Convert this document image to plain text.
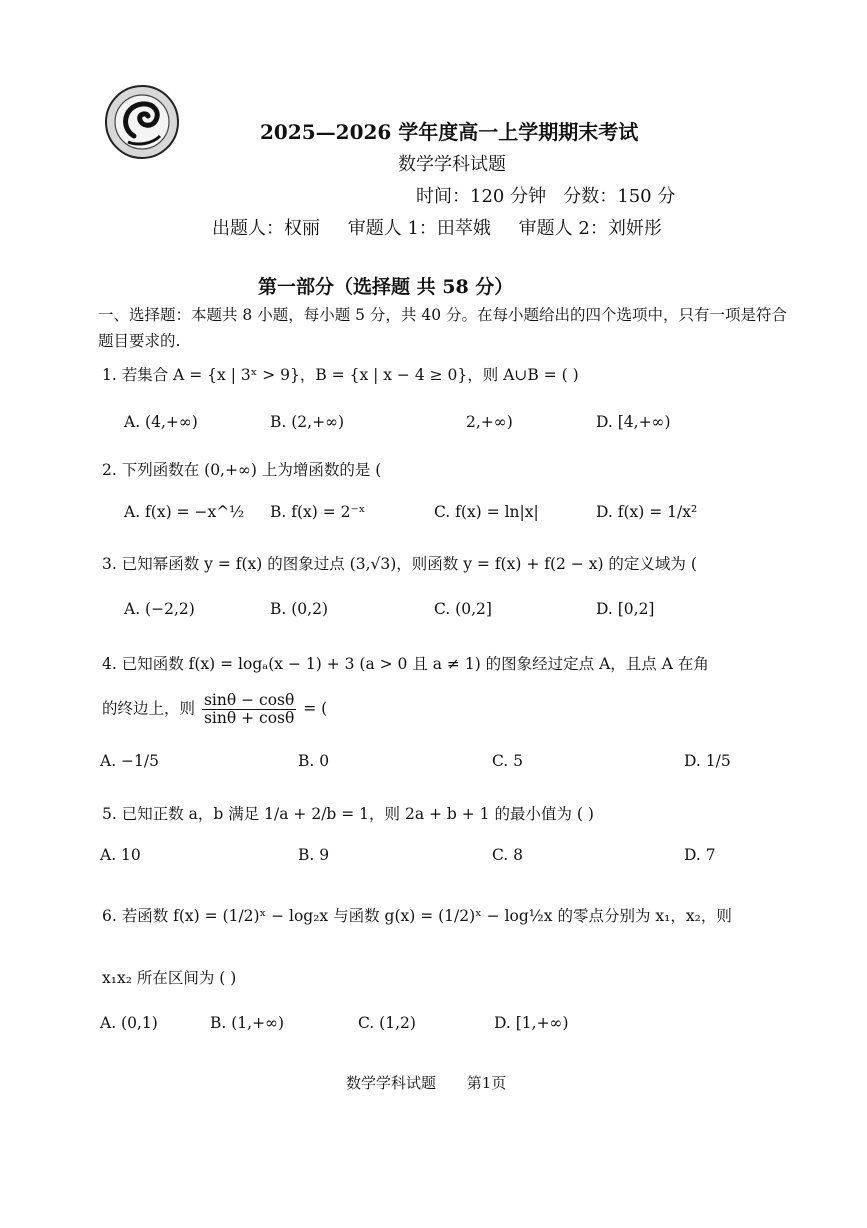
2025—2026 学年度高一上学期期末考试
数学学科试题
时间：120 分钟   分数：150 分
出题人：权丽 审题人 1：田萃娥 审题人 2：刘妍彤
第一部分（选择题 共 58 分）
一、选择题：本题共 8 小题，每小题 5 分，共 40 分。在每小题给出的四个选项中，只有一项是符合题目要求的.
1. 若集合 A = {x | 3ˣ > 9}，B = {x | x − 4 ≥ 0}，则 A∪B = ( )
A. (4,+∞)	B. (2,+∞)	2,+∞)	D. [4,+∞)
2. 下列函数在 (0,+∞) 上为增函数的是 (
A. f(x) = −x^½ B. f(x) = 2⁻ˣ	C. f(x) = ln|x|	D. f(x) = 1/x²
3. 已知幂函数 y = f(x) 的图象过点 (3,√3)，则函数 y = f(x) + f(2 − x) 的定义域为 (
A. (−2,2)	B. (0,2)	C. (0,2]	D. [0,2]
4. 已知函数 f(x) = logₐ(x − 1) + 3 (a > 0 且 a ≠ 1) 的图象经过定点 A，且点 A 在角
的终边上，则 $\frac{\sin\theta - \cos\theta}{\sin\theta + \cos\theta}$ = (
A. −1/5	B. 0	C. 5	D. 1/5
5. 已知正数 a，b 满足 1/a + 2/b = 1，则 2a + b + 1 的最小值为 ( )
A. 10	B. 9	C. 8	D. 7
6. 若函数 f(x) = (1/2)ˣ − log₂x 与函数 g(x) = (1/2)ˣ − log½x 的零点分别为 x₁，x₂，则
x₁x₂ 所在区间为 ( )
A. (0,1)	B. (1,+∞)	C. (1,2)	D. [1,+∞)
数学学科试题 第1页
